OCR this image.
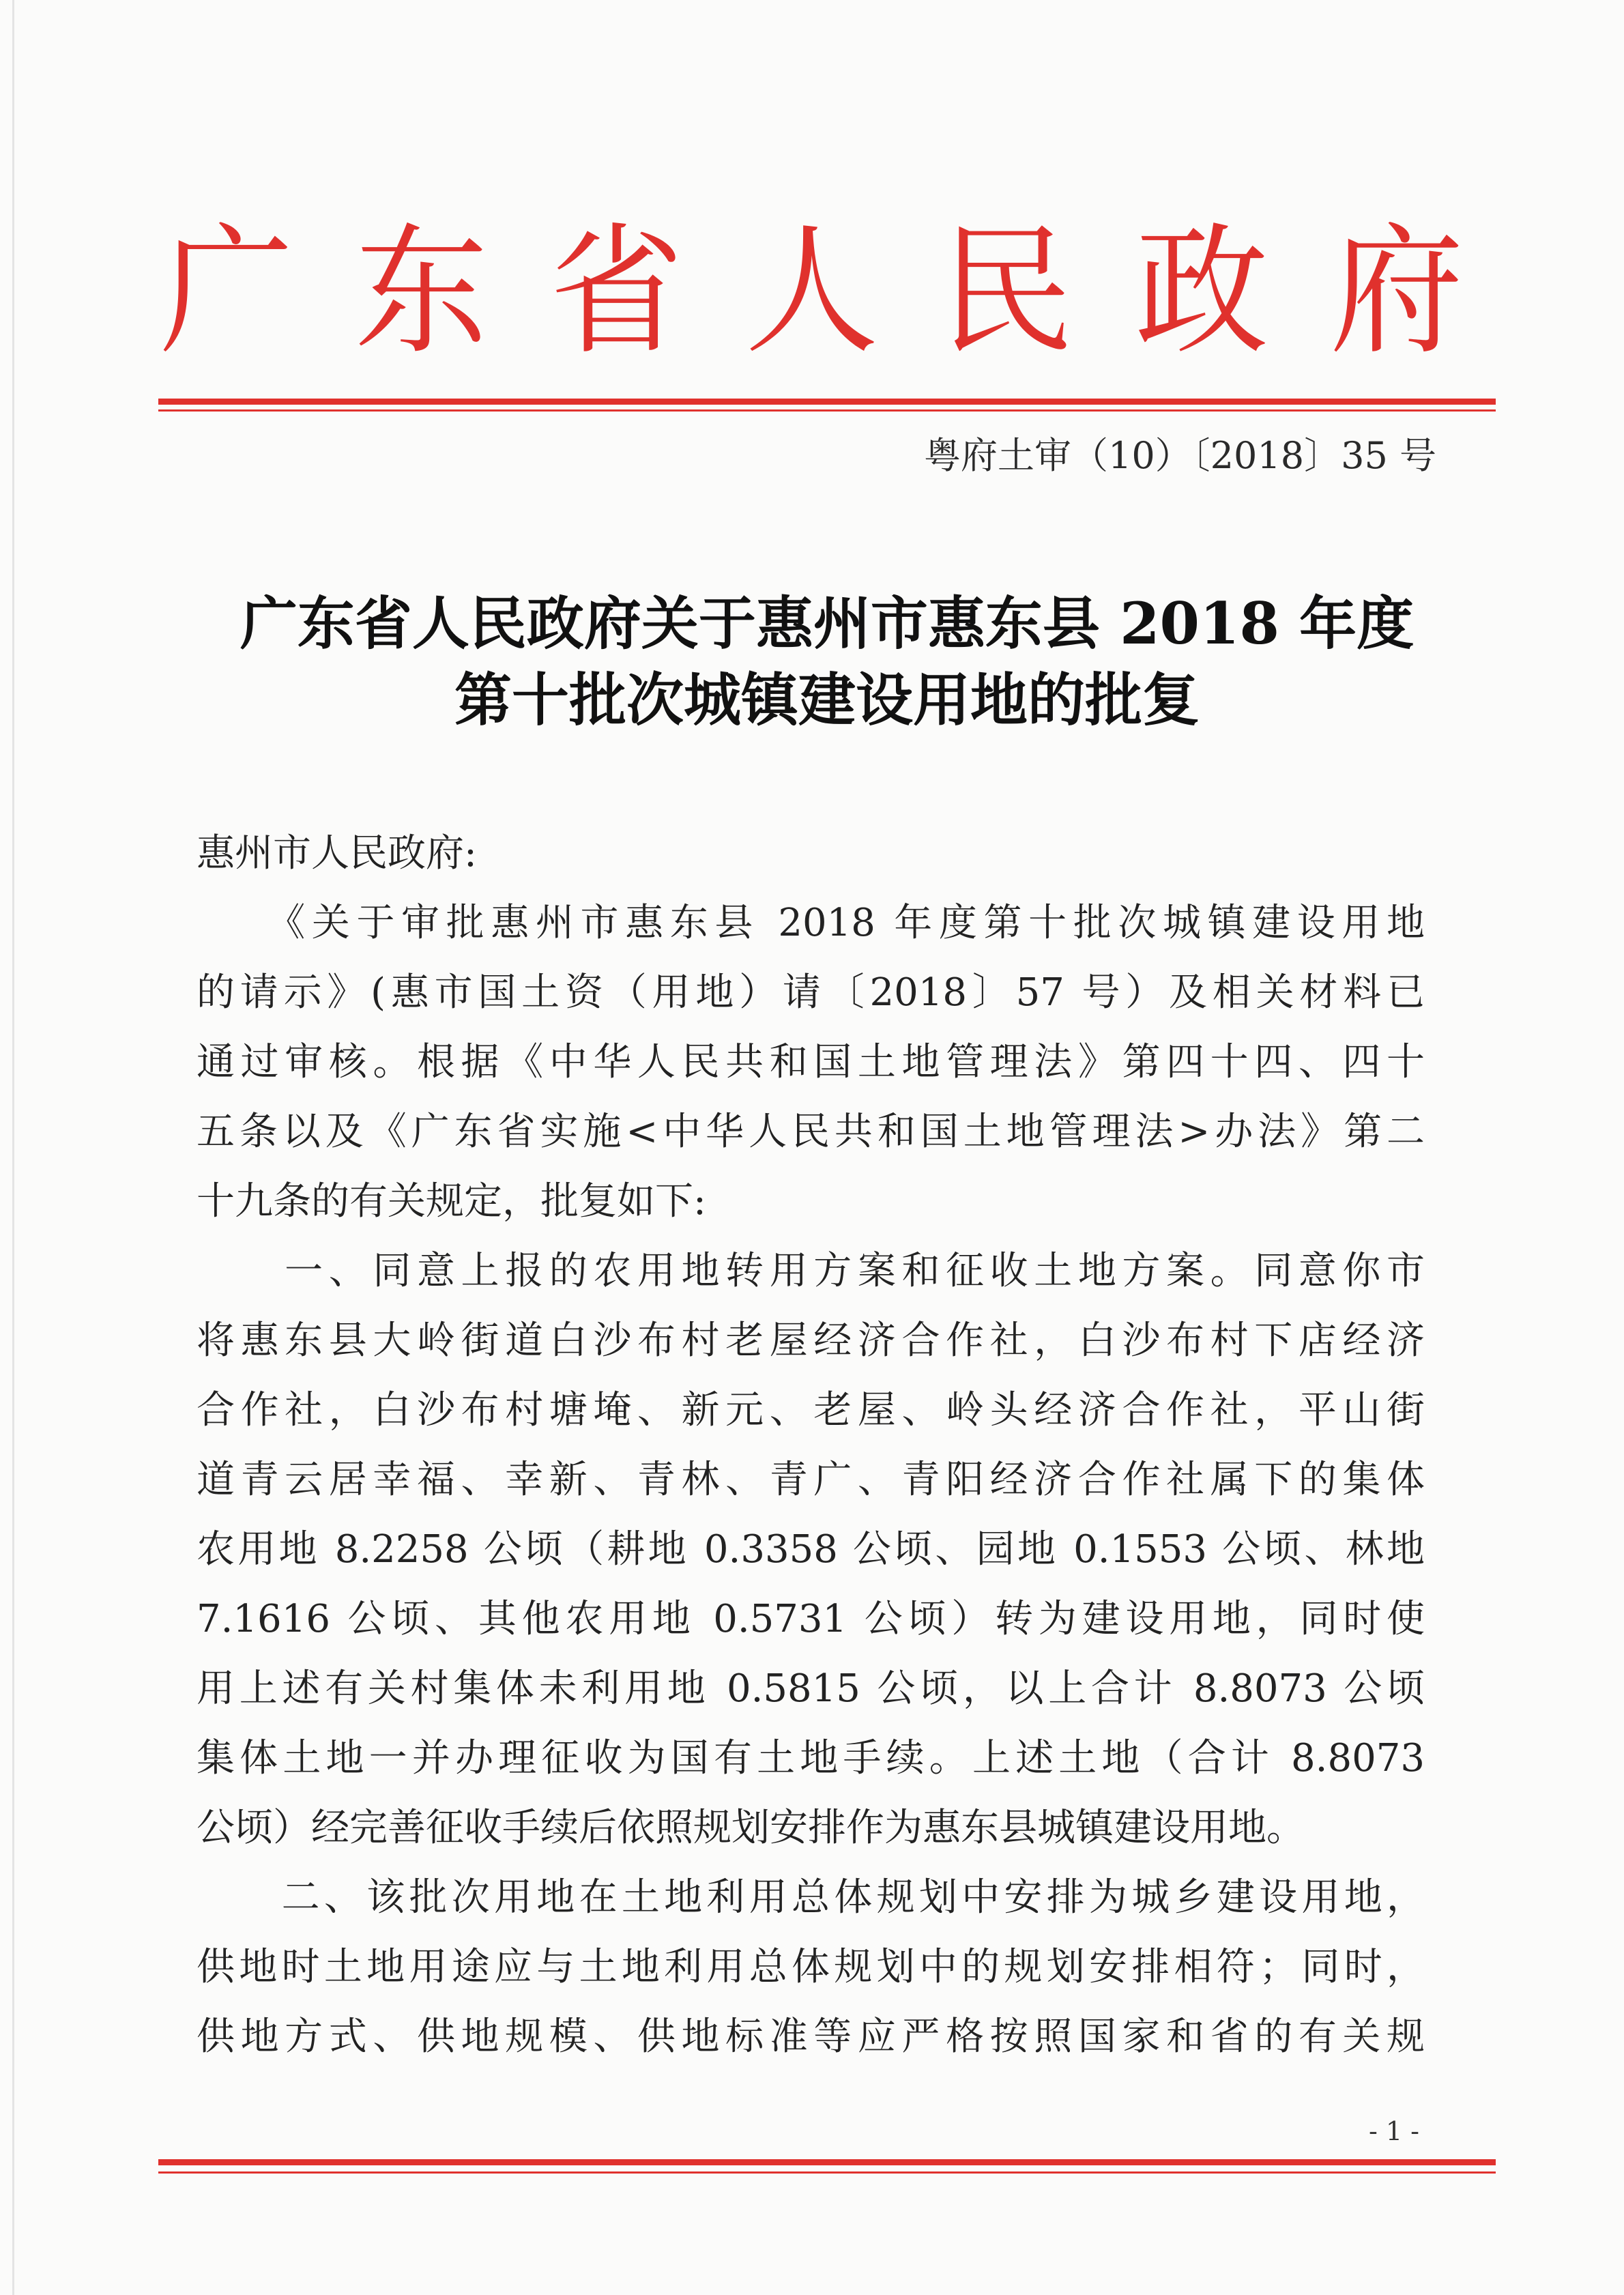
广 东 省 人 民 政 府
粤府土审（10）〔2018〕35 号
广东省人民政府关于惠州市惠东县 2018 年度
第十批次城镇建设用地的批复
惠州市人民政府:
　　《关于审批惠州市惠东县 2018 年度第十批次城镇建设用地
的请示》(惠市国土资（用地）请〔2018〕57 号）及相关材料已
通过审核。根据《中华人民共和国土地管理法》第四十四、四十
五条以及《广东省实施<中华人民共和国土地管理法>办法》第二
十九条的有关规定，批复如下:
　　一、同意上报的农用地转用方案和征收土地方案。同意你市
将惠东县大岭街道白沙布村老屋经济合作社，白沙布村下店经济
合作社，白沙布村塘埯、新元、老屋、岭头经济合作社，平山街
道青云居幸福、幸新、青林、青广、青阳经济合作社属下的集体
农用地 8.2258 公顷（耕地 0.3358 公顷、园地 0.1553 公顷、林地
7.1616 公顷、其他农用地 0.5731 公顷）转为建设用地，同时使
用上述有关村集体未利用地 0.5815 公顷，以上合计 8.8073 公顷
集体土地一并办理征收为国有土地手续。上述土地（合计 8.8073
公顷）经完善征收手续后依照规划安排作为惠东县城镇建设用地。
　　二、该批次用地在土地利用总体规划中安排为城乡建设用地，
供地时土地用途应与土地利用总体规划中的规划安排相符；同时，
供地方式、供地规模、供地标准等应严格按照国家和省的有关规
- 1 -
